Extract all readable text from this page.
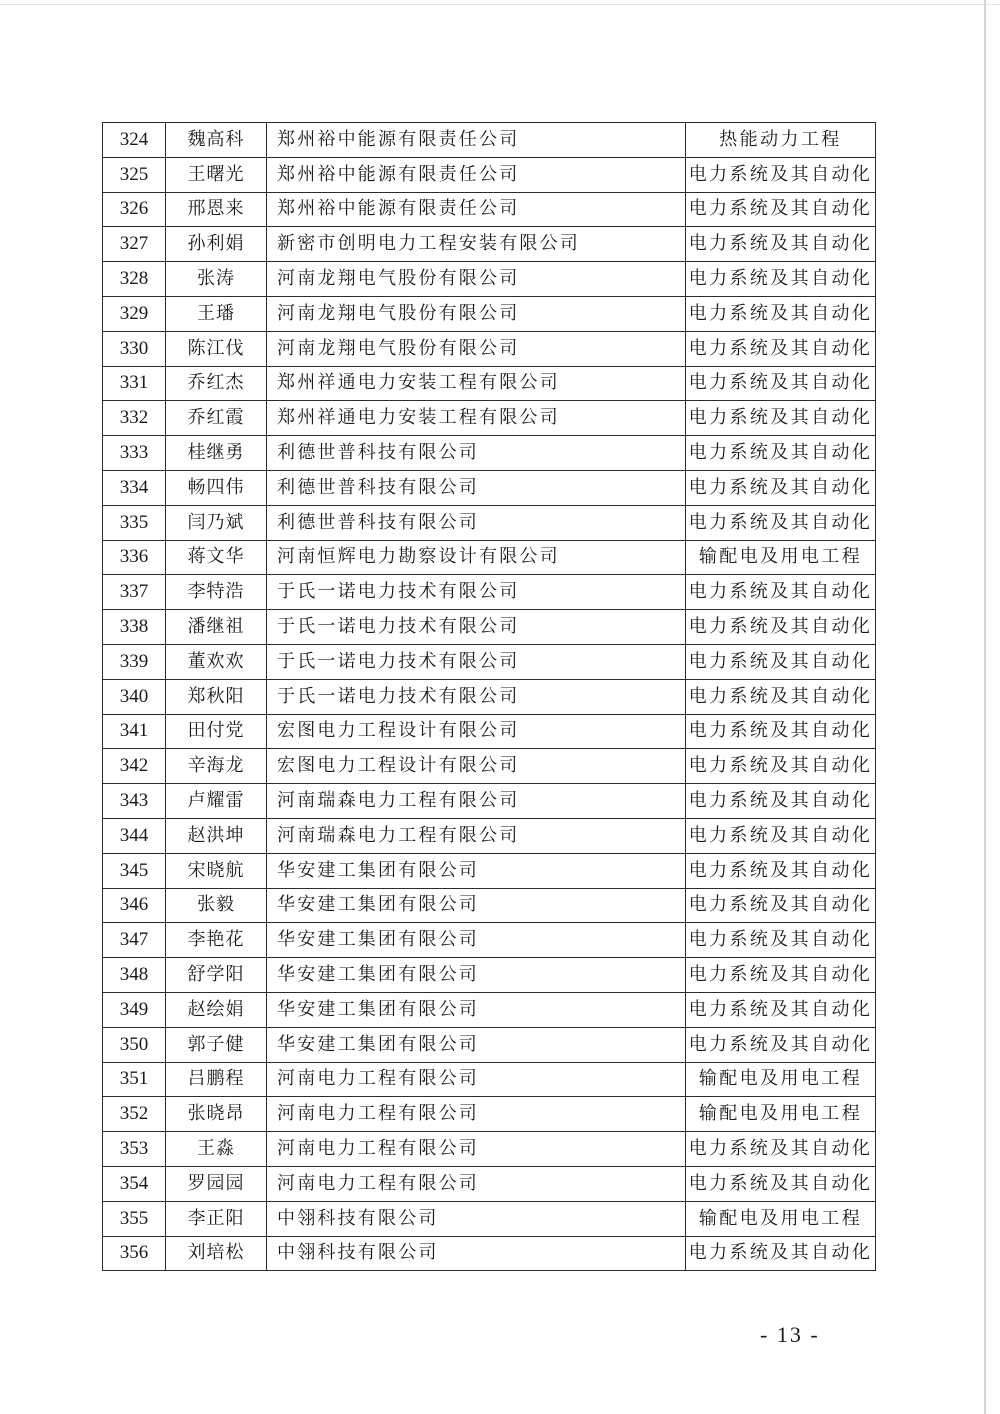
324	魏高科	郑州裕中能源有限责任公司	热能动力工程
325	王曙光	郑州裕中能源有限责任公司	电力系统及其自动化
326	邢恩来	郑州裕中能源有限责任公司	电力系统及其自动化
327	孙利娟	新密市创明电力工程安装有限公司	电力系统及其自动化
328	张涛	河南龙翔电气股份有限公司	电力系统及其自动化
329	王璠	河南龙翔电气股份有限公司	电力系统及其自动化
330	陈江伐	河南龙翔电气股份有限公司	电力系统及其自动化
331	乔红杰	郑州祥通电力安装工程有限公司	电力系统及其自动化
332	乔红霞	郑州祥通电力安装工程有限公司	电力系统及其自动化
333	桂继勇	利德世普科技有限公司	电力系统及其自动化
334	畅四伟	利德世普科技有限公司	电力系统及其自动化
335	闫乃斌	利德世普科技有限公司	电力系统及其自动化
336	蒋文华	河南恒辉电力勘察设计有限公司	输配电及用电工程
337	李特浩	于氏一诺电力技术有限公司	电力系统及其自动化
338	潘继祖	于氏一诺电力技术有限公司	电力系统及其自动化
339	董欢欢	于氏一诺电力技术有限公司	电力系统及其自动化
340	郑秋阳	于氏一诺电力技术有限公司	电力系统及其自动化
341	田付党	宏图电力工程设计有限公司	电力系统及其自动化
342	辛海龙	宏图电力工程设计有限公司	电力系统及其自动化
343	卢耀雷	河南瑞森电力工程有限公司	电力系统及其自动化
344	赵洪坤	河南瑞森电力工程有限公司	电力系统及其自动化
345	宋晓航	华安建工集团有限公司	电力系统及其自动化
346	张毅	华安建工集团有限公司	电力系统及其自动化
347	李艳花	华安建工集团有限公司	电力系统及其自动化
348	舒学阳	华安建工集团有限公司	电力系统及其自动化
349	赵绘娟	华安建工集团有限公司	电力系统及其自动化
350	郭子健	华安建工集团有限公司	电力系统及其自动化
351	吕鹏程	河南电力工程有限公司	输配电及用电工程
352	张晓昂	河南电力工程有限公司	输配电及用电工程
353	王淼	河南电力工程有限公司	电力系统及其自动化
354	罗园园	河南电力工程有限公司	电力系统及其自动化
355	李正阳	中翎科技有限公司	输配电及用电工程
356	刘培松	中翎科技有限公司	电力系统及其自动化
- 13 -
